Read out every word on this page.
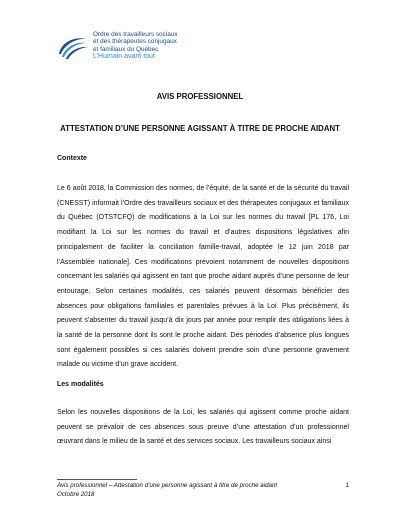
Ordre des travailleurs sociaux
et des thérapeutes conjugaux
et familiaux du Québec
L’Humain avant tout
AVIS PROFESSIONNEL
ATTESTATION D’UNE PERSONNE AGISSANT À TITRE DE PROCHE AIDANT
Contexte
Le 6 août 2018, la Commission des normes, de l’équité, de la santé et de la sécurité du travail (CNESST) informait l’Ordre des travailleurs sociaux et des thérapeutes conjugaux et familiaux du Québec (OTSTCFQ) de modifications à la Loi sur les normes du travail [PL 176, Loi modifiant la Loi sur les normes du travail et d’autres dispositions législatives afin principalement de faciliter la conciliation famille-travail, adoptée le 12 juin 2018 par l’Assemblée nationale]. Ces modifications prévoient notamment de nouvelles dispositions concernant les salariés qui agissent en tant que proche aidant auprès d’une personne de leur entourage. Selon certaines modalités, ces salariés peuvent désormais bénéficier des absences pour obligations familiales et parentales prévues à la Loi. Plus précisément, ils peuvent s’absenter du travail jusqu’à dix jours par année pour remplir des obligations liées à la santé de la personne dont ils sont le proche aidant. Des périodes d’absence plus longues sont également possibles si ces salariés doivent prendre soin d’une personne gravement malade ou victime d’un grave accident.
Les modalités
Selon les nouvelles dispositions de la Loi, les salariés qui agissent comme proche aidant peuvent se prévaloir de ces absences sous preuve d’une attestation d’un professionnel œuvrant dans le milieu de la santé et des services sociaux. Les travailleurs sociaux ainsi
Avis professionnel – Attestation d’une personne agissant à titre de proche aidant
Octobre 2018
1
